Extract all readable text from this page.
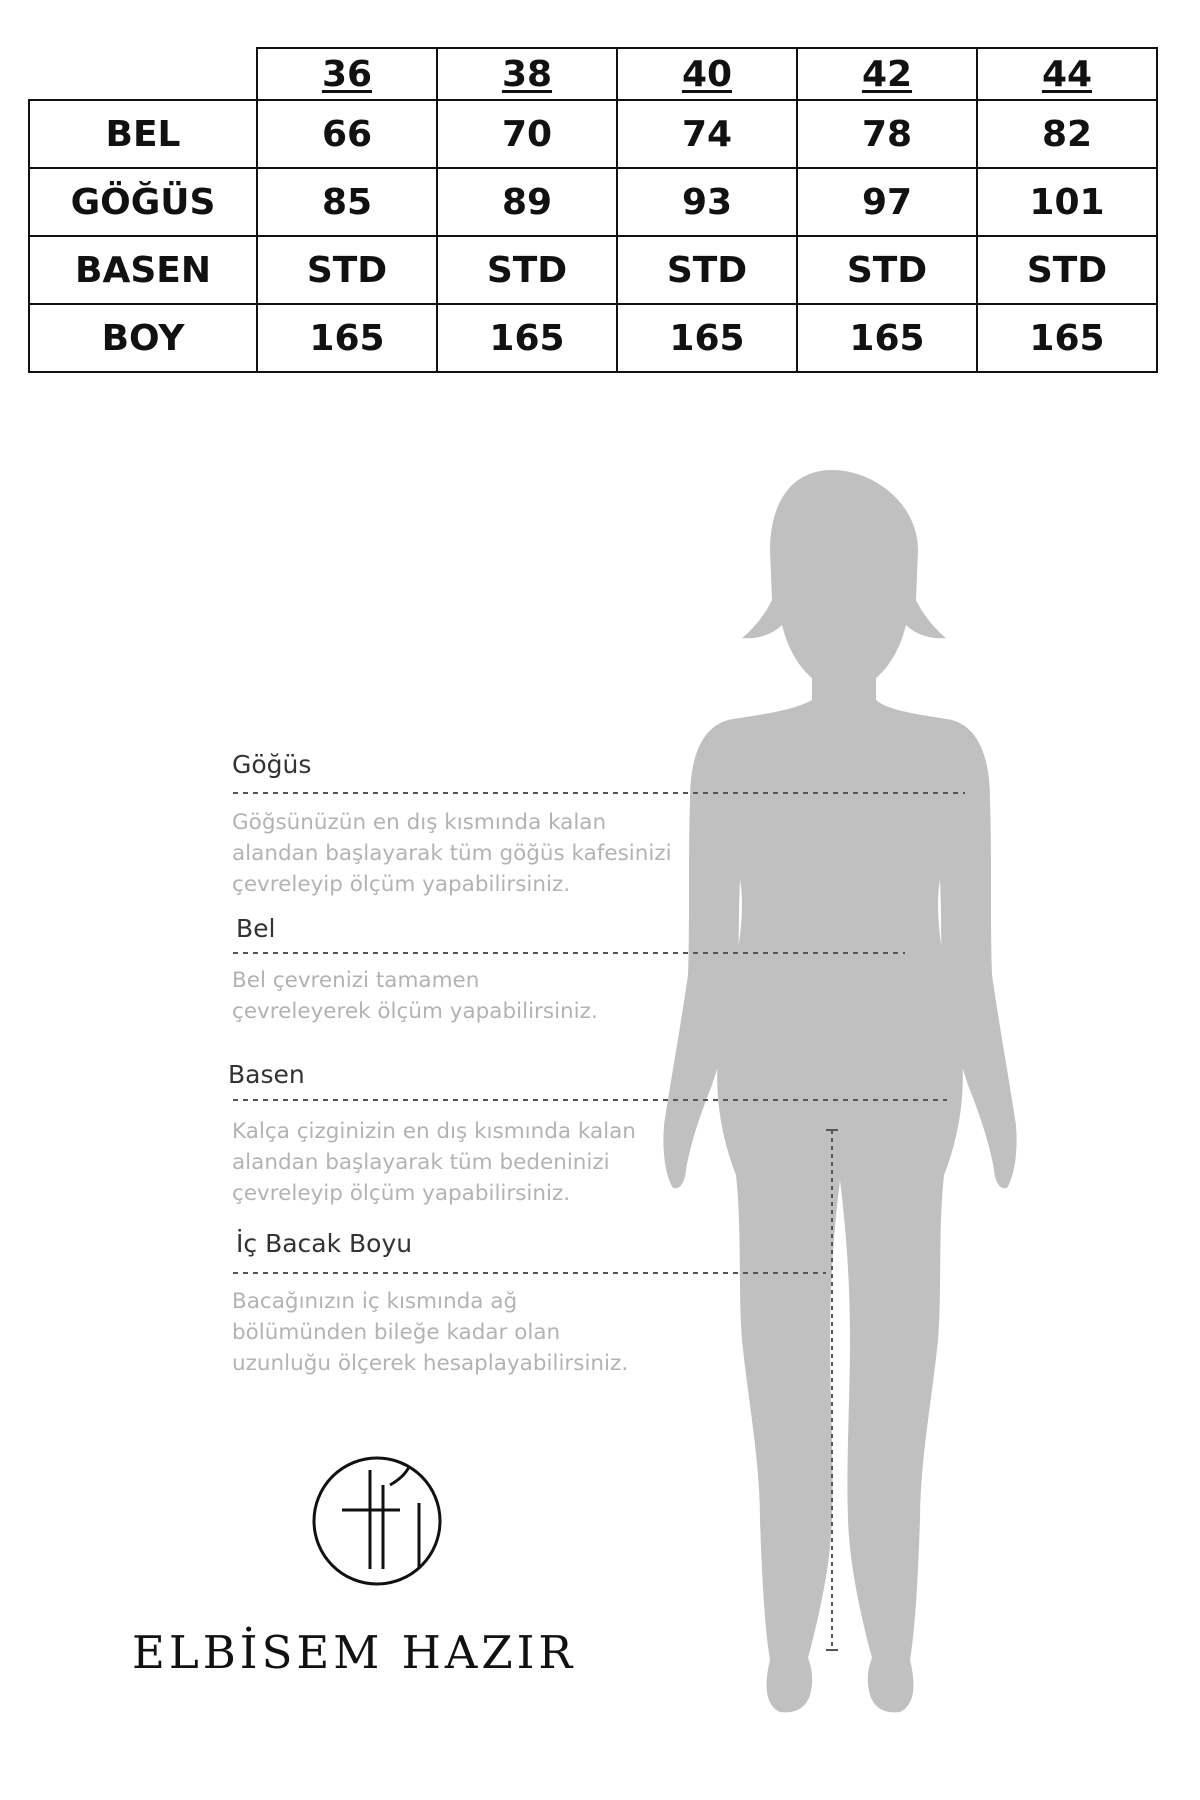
	36	38	40	42	44
BEL	66	70	74	78	82
GÖĞÜS	85	89	93	97	101
BASEN	STD	STD	STD	STD	STD
BOY	165	165	165	165	165
Göğüs
Göğsünüzün en dış kısmında kalan
alandan başlayarak tüm göğüs kafesinizi
çevreleyip ölçüm yapabilirsiniz.
Bel
Bel çevrenizi tamamen
çevreleyerek ölçüm yapabilirsiniz.
Basen
Kalça çizginizin en dış kısmında kalan
alandan başlayarak tüm bedeninizi
çevreleyip ölçüm yapabilirsiniz.
İç Bacak Boyu
Bacağınızın iç kısmında ağ
bölümünden bileğe kadar olan
uzunluğu ölçerek hesaplayabilirsiniz.
ELBİSEM HAZIR
